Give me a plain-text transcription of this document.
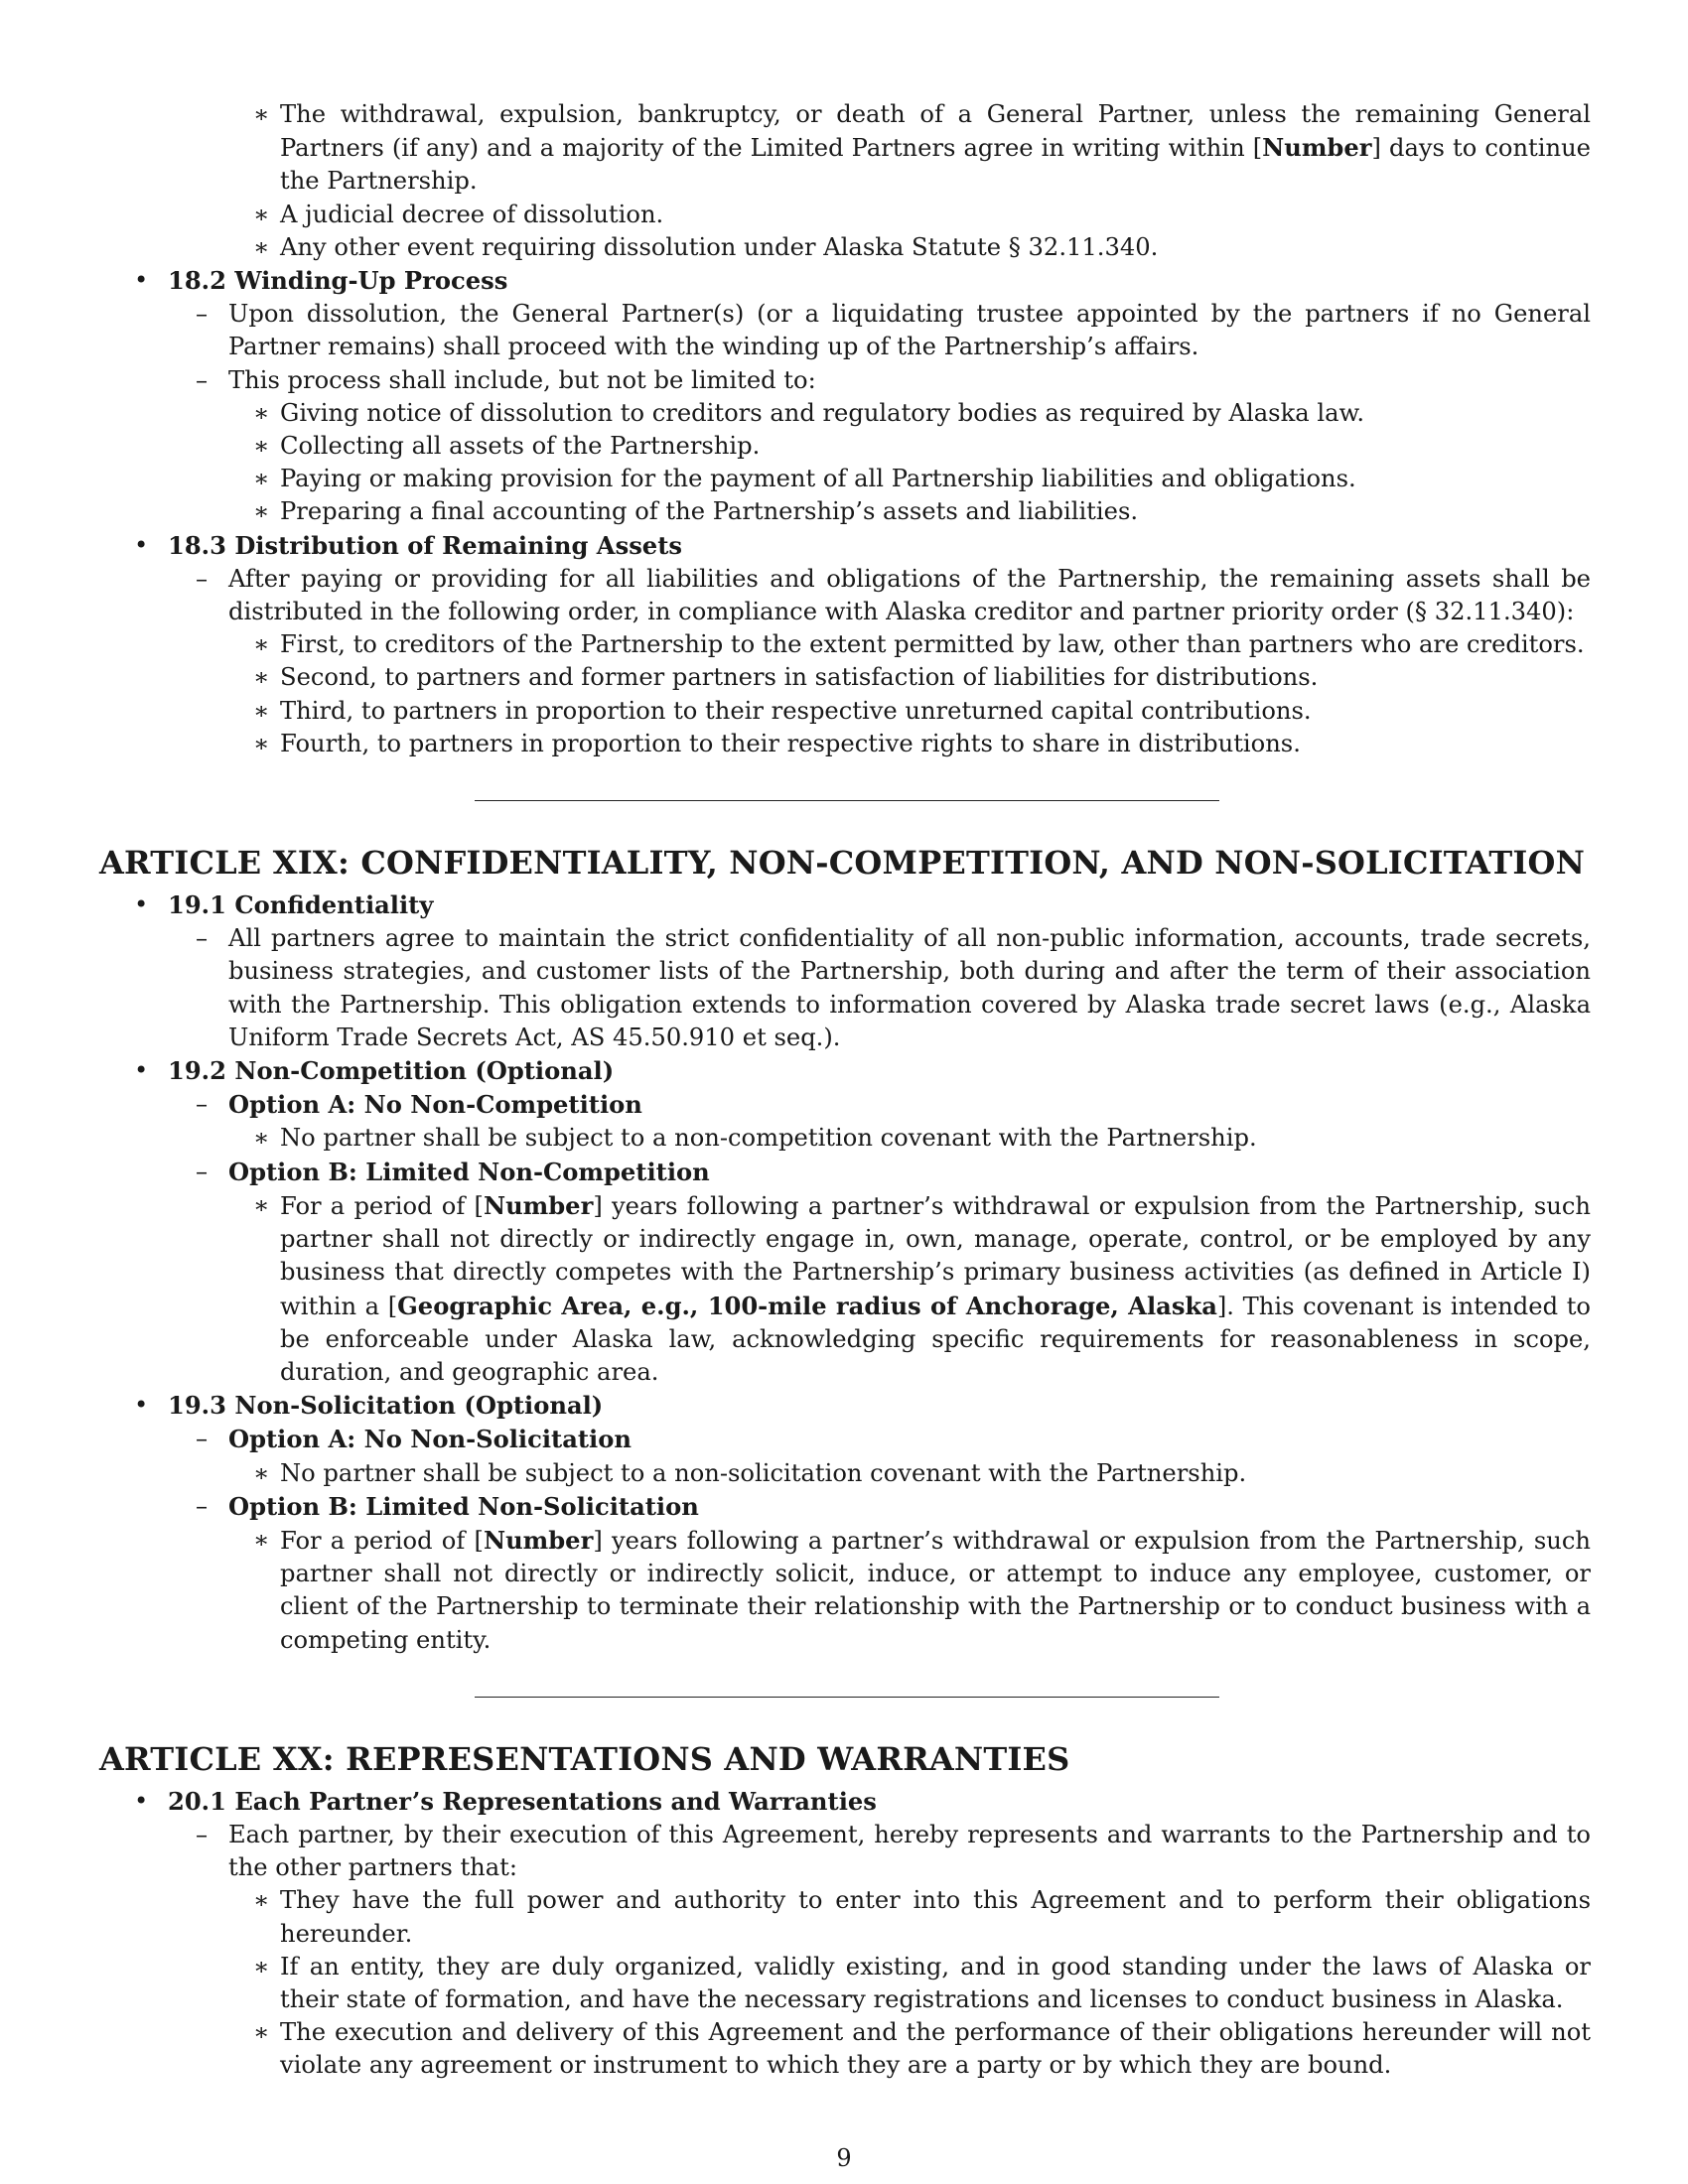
∗ The withdrawal, expulsion, bankruptcy, or death of a General Partner, unless the remaining General Partners (if any) and a majority of the Limited Partners agree in writing within [Number] days to continue the Partnership.
∗ A judicial decree of dissolution.
∗ Any other event requiring dissolution under Alaska Statute § 32.11.340.
• 18.2 Winding-Up Process
– Upon dissolution, the General Partner(s) (or a liquidating trustee appointed by the partners if no General Partner remains) shall proceed with the winding up of the Partnership’s affairs.
– This process shall include, but not be limited to:
∗ Giving notice of dissolution to creditors and regulatory bodies as required by Alaska law.
∗ Collecting all assets of the Partnership.
∗ Paying or making provision for the payment of all Partnership liabilities and obligations.
∗ Preparing a final accounting of the Partnership’s assets and liabilities.
• 18.3 Distribution of Remaining Assets
– After paying or providing for all liabilities and obligations of the Partnership, the remaining assets shall be distributed in the following order, in compliance with Alaska creditor and partner priority order (§ 32.11.340):
∗ First, to creditors of the Partnership to the extent permitted by law, other than partners who are creditors.
∗ Second, to partners and former partners in satisfaction of liabilities for distributions.
∗ Third, to partners in proportion to their respective unreturned capital contributions.
∗ Fourth, to partners in proportion to their respective rights to share in distributions.
ARTICLE XIX: CONFIDENTIALITY, NON-COMPETITION, AND NON-SOLICITATION
• 19.1 Confidentiality
– All partners agree to maintain the strict confidentiality of all non-public information, accounts, trade secrets, business strategies, and customer lists of the Partnership, both during and after the term of their association with the Partnership. This obligation extends to information covered by Alaska trade secret laws (e.g., Alaska Uniform Trade Secrets Act, AS 45.50.910 et seq.).
• 19.2 Non-Competition (Optional)
– Option A: No Non-Competition
∗ No partner shall be subject to a non-competition covenant with the Partnership.
– Option B: Limited Non-Competition
∗ For a period of [Number] years following a partner’s withdrawal or expulsion from the Partnership, such partner shall not directly or indirectly engage in, own, manage, operate, control, or be employed by any business that directly competes with the Partnership’s primary business activities (as defined in Article I) within a [Geographic Area, e.g., 100-mile radius of Anchorage, Alaska]. This covenant is intended to be enforceable under Alaska law, acknowledging specific requirements for reasonableness in scope, duration, and geographic area.
• 19.3 Non-Solicitation (Optional)
– Option A: No Non-Solicitation
∗ No partner shall be subject to a non-solicitation covenant with the Partnership.
– Option B: Limited Non-Solicitation
∗ For a period of [Number] years following a partner’s withdrawal or expulsion from the Partnership, such partner shall not directly or indirectly solicit, induce, or attempt to induce any employee, customer, or client of the Partnership to terminate their relationship with the Partnership or to conduct business with a competing entity.
ARTICLE XX: REPRESENTATIONS AND WARRANTIES
• 20.1 Each Partner’s Representations and Warranties
– Each partner, by their execution of this Agreement, hereby represents and warrants to the Partnership and to the other partners that:
∗ They have the full power and authority to enter into this Agreement and to perform their obligations hereunder.
∗ If an entity, they are duly organized, validly existing, and in good standing under the laws of Alaska or their state of formation, and have the necessary registrations and licenses to conduct business in Alaska.
∗ The execution and delivery of this Agreement and the performance of their obligations hereunder will not violate any agreement or instrument to which they are a party or by which they are bound.
9
